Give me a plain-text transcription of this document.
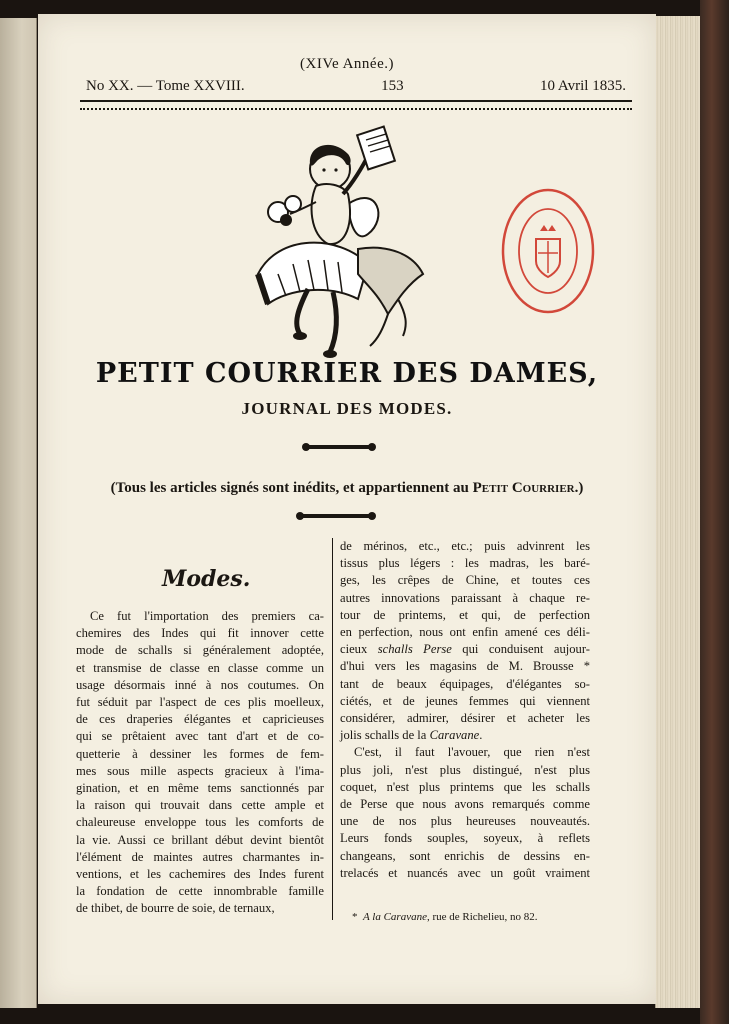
(XIVe Année.)
No XX. — Tome XXVIII.	153	10 Avril 1835.
PETIT COURRIER DES DAMES,
JOURNAL DES MODES.
(Tous les articles signés sont inédits, et appartiennent au Petit Courrier.)
Modes.
Ce fut l'importation des premiers ca-
chemires des Indes qui fit innover cette
mode de schalls si généralement adoptée,
et transmise de classe en classe comme un
usage désormais inné à nos coutumes. On
fut séduit par l'aspect de ces plis moelleux,
de ces draperies élégantes et capricieuses
qui se prêtaient avec tant d'art et de co-
quetterie à dessiner les formes de fem-
mes sous mille aspects gracieux à l'ima-
gination, et en même tems sanctionnés par
la raison qui trouvait dans cette ample et
chaleureuse enveloppe tous les comforts de
la vie. Aussi ce brillant début devint bientôt
l'élément de maintes autres charmantes in-
ventions, et les cachemires des Indes furent
la fondation de cette innombrable famille
de thibet, de bourre de soie, de ternaux,
de mérinos, etc., etc.; puis advinrent les
tissus plus légers : les madras, les baré-
ges, les crêpes de Chine, et toutes ces
autres innovations paraissant à chaque re-
tour de printems, et qui, de perfection
en perfection, nous ont enfin amené ces déli-
cieux schalls Perse qui conduisent aujour-
d'hui vers les magasins de M. Brousse *
tant de beaux équipages, d'élégantes so-
ciétés, et de jeunes femmes qui viennent
considérer, admirer, désirer et acheter les
jolis schalls de la Caravane.
C'est, il faut l'avouer, que rien n'est
plus joli, n'est plus distingué, n'est plus
coquet, n'est plus printems que les schalls
de Perse que nous avons remarqués comme
une de nos plus heureuses nouveautés.
Leurs fonds souples, soyeux, à reflets
changeans, sont enrichis de dessins en-
trelacés et nuancés avec un goût vraiment
* A la Caravane, rue de Richelieu, no 82.
